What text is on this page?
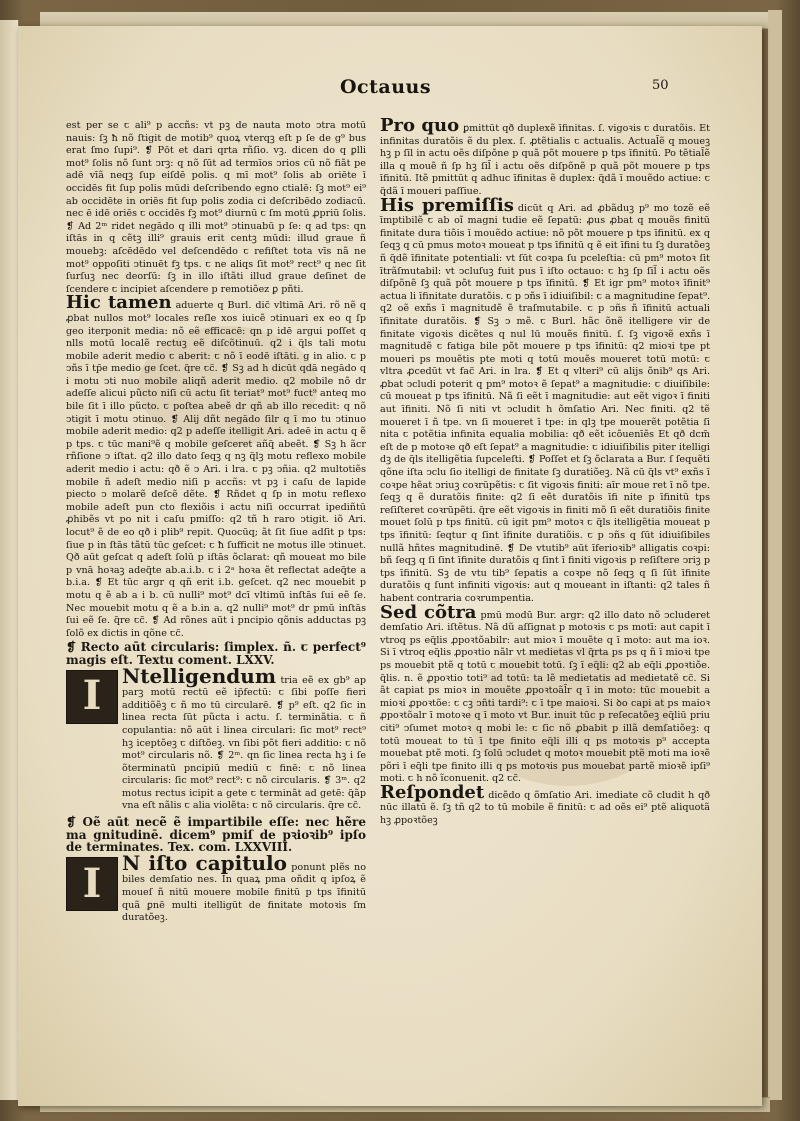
Octauus	50

est per se ꞇ ali⁹ p accñs: vt pꝫ de nauta moto ↄtra motū nauis: ſꝫ ħ nõ ſtigit de motib⁹ quoꝝ vterqꝫ eſt p ſe de g⁹ bus erat ſmo ſupi⁹. ❡ Pōt et dari qrta rñſio. vꝫ. dicen do q ꝑlli mot⁹ ſolis nõ ſunt ↄrꝫ: q nõ ſūt ad termīos ↄrios cū nõ fiãt pe adē vīã neqꝫ ſup eiſdē polis. q mī mot⁹ ſolis ab oriēte ī occidēs fit ſup polis mūdi deſcribendo egno ctialē: ſꝫ mot⁹ ei⁹ ab occidēte in oriēs fit ſup polis zodia ci deſcribēdo zodiacū. nec ē idē oriēs ꞇ occidēs fꝫ mot⁹ diurnū ꞇ ſm motū ꝓpriū ſolis. ❡ Ad 2ᵐ ridet negādo q illi mot⁹ ↄtinuabū p ſe: q ad tps: qn iſtās in q cẽtꝫ illi⁹ grauis erit centꝫ mūdi: illud graue ñ mouebꝫ: aſcēdēdo vel deſcendēdo ꞇ refiſtet tota vīs nã ne mot⁹ oppoſiti ↄtinuēt fꝫ tps. ꞇ ne aliqs ſit mot⁹ rect⁹ q nec ſit ſurſuꝫ nec deorſū: ſꝫ in illo iſtãti illud graue deſinet de ſcendere ꞇ incipiet aſcendere p remotiõez ꝑ pñti.

Hic tamen aduerte q Burl. dic̃ vltimā Ari. rõ nẽ q ꝓbat nullos mot⁹ locales reſle xos iuicẽ ↄtinuari ex eo q ſp geo iterponit media: nõ eẽ efficacē: qn p idē argui poſſet q nlls motū localẽ rectuꝫ eẽ diſcõtinuū. q2 i q̃ls tali motu mobile aderit medio ꞇ aberit: ꞇ nõ ī eodē iſtāti. g in alio. ꞇ p ↄñs ī tp̃e medio ge ſcet. q̃re ꞇc̃. ❡ Sꝫ ad h dicūt qdā negādo q i motu ↄti nuo mobile aliqñ aderit medio. q2 mobile nõ dr adeſſe alicui pũcto niſi cū actu ſit teriat⁹ mot⁹ fuct⁹ anteq mo bile ſit ī illo pũcto. ꞇ poſtea abeẽ dr qñ ab illo recedit: q nõ ↄtigit ī motu ↄtinuo. ❡ Alij dñt negādo ſilr q ī mo tu ↄtinuo mobile aderit medio: q2 p adeſſe itelligit Ari. adeē in actu q ẽ p tps. ꞇ tūc mani⁹ẽ q mobile geſceret añq̃ abeẽt. ❡ Sꝫ h ãcr rñſione ↄ iſtat. q2 illo dato ſeqꝫ q nꝫ q̃lꝫ motu reflexo mobile aderit medio i actu: qð ẽ ↄ Ari. i lra. ꞇ pꝫ ↄñia. q2 multotiẽs mobile ñ adeſt medio niſi p accñs: vt pꝫ i caſu de lapide piecto ↄ molarẽ deſcẽ dẽte. ❡ Rñdet q ſp in motu reflexo mobile adeſt pun cto flexiõis i actu niſi occurrat ipediñtū ꝓhibẽs vt po nit i caſu pmiſſo: q2 tñ h raro ↄtigit. iõ Ari. locut⁹ ẽ de eo qð i plib⁹ repit. Quocūq; ãt ſit ſiue adſit p tps: ſiue p in ſtās tãtū tūc geſcet: ꞇ ħ ſufficit ne motus ille ↄtinuet. Qð aūt geſcat q adeſt ſolū p iſtās õclarat: qñ moueat mo bile p vnā hoꝛaꝫ adeq̃te ab.a.i.b. ꞇ i 2ᵃ hoꝛa ẽt reflectat adeq̃te a b.i.a. ❡ Et tūc argr q qñ erit i.b. geſcet. q2 nec mouebit p motu q ẽ ab a i b. cū nulli⁹ mot⁹ dcī vltimū inſtās ſui eẽ ſe. Nec mouebit motu q ẽ a b.in a. q2 nulli⁹ mot⁹ dr pmū inſtās ſui eẽ ſe. q̃re ꞇc̃. ❡ Ad rõnes aūt i pncipio qõnis adductas pꝫ ſolõ ex dictis in qõne ꞇc̃.

❡ Recto aūt circularis: ſimplex. ñ. ꞇ perfect⁹ magis eſt. Textu coment. LXXV.

I	Ntelligendum tria eẽ ex gb⁹ ap parꝫ motū rectū eẽ ip̃fectū: ꞇ ſibi poſſe fieri additiõẽꝫ ꞇ ñ mo tū circularē. ❡ p⁹ eſt. q2 ſic in linea recta ſūt pũcta i actu. ſ. terminãtia. ꞇ ñ copulantia: nõ aūt i linea circulari: ſic mot⁹ rect⁹ hꝫ iceptõeꝫ ꞇ diſtõeꝫ. vn ſibi põt fieri additio: ꞇ nõ mot⁹ circularis nõ. ❡ 2ᵐ. qn ſic linea recta hꝫ i ſe õterminatū pncipiū mediū ꞇ finē: ꞇ nõ linea circularis: ſic mot⁹ rect⁹: ꞇ nõ circularis. ❡ 3ᵐ. q2 motus rectus icipit a gete ꞇ terminãt ad getē: q̃ãp vna eſt nãlis ꞇ alia violẽta: ꞇ nõ circularis. q̃re ꞇc̃.

❡ Oẽ aūt necẽ ẽ impartibile eſſe: nec hẽre ma gnitudinē. dicem⁹ pmiſ de pꝛioꝛib⁹ ipſo de terminates. Tex. com. LXXVIII.

I	N iſto capitulo ponunt plẽs no biles demſatio nes. In quaꝝ pma oñdit q ipſoꝝ ẽ moueſ ñ nitū mouere mobile finitū p tps īfinitū quã ꝑnē multi itelligūt de finitate motoꝛis ſm duratõeꝫ.

Pro quo ꝑmittūt qð duplexẽ īfinitas. ſ. vigoꝛis ꞇ duratõis. Et infinitas duratõis ẽ du plex. ſ. ꝓtẽtialis ꞇ actualis. Actual̃ẽ q moueꝫ hꝫ p ſīl in actu oẽs diſpõne p quã põt mouere p tps īfinitū. Po tẽtial̃ẽ illa q mouẽ ñ ſp hꝫ ſil̃ i actu oẽs diſpõnẽ p quã põt mouere p tps īfinitū. Itẽ pmittūt q adhuc īfinitas ẽ duplex: q̃dã ī mouẽdo actiue: ꞇ q̃dã ī moueri paſſiue.

His premiſſis dicūt q Ari. ad ꝓbãduꝫ p⁹ mo tozẽ eẽ īmptibilẽ ꞇ ab oĩ magni tudie eẽ ſepatū: ꝓus ꝓbat q mouẽs finitū finitate dura tiõis ī mouẽdo actiue: nõ põt mouere p tps īfinitū. ex q ſeqꝫ q cū pmus motoꝛ moueat p tps īfinitū q ẽ eit īfini tu ſꝫ duratõeꝫ ñ q̃dẽ īfinitate potentiali: vt ſūt coꝛpa ſu pceleſtia: cū pm⁹ motoꝛ ſit ītrãſmutabil: vt ↄcluſuꝫ fuit pus ī iſto octauo: ꞇ hꝫ ſp ſil̃ i actu oẽs diſpõnẽ ſꝫ quã põt mouere p tps īfinitū. ❡ Et igr pm⁹ motoꝛ īfinit⁹ actua li īfinitate duratõis. ꞇ p ↄñs ī idiuiſibil: ꞇ a magnitudine ſepat⁹. q2 oẽ exñs ī magnitudẽ ẽ traſmutabile. ꞇ p ↄñs ñ īfinitū actuali īfinitate duratõis. ❡ Sꝫ ↄ mẽ. ꞇ Burl. hãc õnẽ itelligere vir de finitate vigoꝛis dicẽtes q nul lū mouẽs finitū. ſ. ſꝫ vigoꝛẽ exñs ī magnitudẽ ꞇ fatiga bile põt mouere p tps īfinitū: q2 mioꝛi tpe pt moueri ps mouẽtis pte moti q totū mouẽs moueret totū motū: ꞇ vltra ꝓcedūt vt fac̃ Ari. in lra. ❡ Et q vlteri⁹ cū alijs õnib⁹ qs Ari. ꝓbat ↄcludi poterit q pm⁹ motoꝛ ẽ ſepat⁹ a magnitudie: ꞇ diuiſibile: cū moueat p tps īfinitū. Nã ſi eẽt ī magnitudie: aut eẽt vigoꝛ ī finiti aut īfiniti. Nõ ſi niti vt ↄcludit h õmſatio Ari. Nec finiti. q2 tẽ moueret ī ñ tpe. vn ſi moueret ī tpe: in qlꝫ tpe mouerẽt potẽtia ſi nita ꞇ potẽtia infinita equalia mobilia: qð eẽt icõuenīẽs Et qð dcm̃ eſt de p motoꝛe qð eſt ſepat⁹ a magnitudie: ꞇ idiuiſibilis piter itelligi dꝫ de q̃ls itelligẽtia ſupceleſti. ❡ Poſſet et ſꝫ õclarata a Bur. ſ ſequẽti qõne iſta ↄclu ſio itelligi de finitate ſꝫ duratiõeꝫ. Nã cū q̃ls vt⁹ exñs ī coꝛpe hẽat ↄriuꝫ coꝛrūpẽtis: ꞇ ſit vigoꝛis finiti: aīr moue ret ī nõ tpe. ſeqꝫ q ẽ duratõis finite: q2 ſi eẽt duratõis īfi nite p īfinitū tps reſiſteret coꝛrūpẽti. q̃re eẽt vigoꝛis in finiti mõ ſi eẽt duratiõis finite mouet ſolū p tps finitū. cū igit pm⁹ motoꝛ ꞇ q̃ls itelligẽtia moueat p tps īfinitū: ſeqtur q ſint īfinite duratiõis. ꞇ p ↄñs q ſūt idiuiſibiles nullã hñtes magnitudinē. ❡ De vtutib⁹ aūt īferioꝛib⁹ alligatis coꝛpi: bñ ſeqꝫ q ſi ſint īfinite duratõis q ſint ī finiti vigoꝛis p reſiſtere ↄriꝫ p tps īfinitū. Sꝫ de vtu tib⁹ ſepatis a coꝛpe nõ ſeqꝫ q ſi ſūt īfinite duratõis q ſunt infiniti vigoꝛis: aut q moueant in iſtanti: q2 tales ñ habent contraria coꝛrumpentia.

Sed cõtra pmū modū Bur. argr: q2 illo dato nõ ↄcluderet demſatio Ari. iſtẽtus. Nã dũ aſſignat p motoꝛis ꞇ ps motī: aut capit ī vtroq ps eq̃lis ꝓpoꝛtõabilr: aut mioꝛ ī mouẽte q ī moto: aut ma ioꝛ. Si ī vtroq eq̃lis ꝓpoꝛtio nãlr vt medietas vl q̃rta ps ps q ñ ī mioꝛi tpe ps mouebit ptẽ q totū ꞇ mouebit totū. ſꝫ ī eq̃li: q2 ab eq̃li ꝓpoꝛtiõe. q̃lis. n. ẽ ꝓpoꝛtio toti⁹ ad totū: ta lẽ medietatis ad medietatẽ ꞇc̃. Si ãt capiat ps mioꝛ in mouẽte ꝓpoꝛtoãl̃r q ī in moto: tūc mouebit a mioꝛi ꝓpoꝛtõe: ꞇ cꝫ ↄñti tardi⁹: ꞇ ī tpe maioꝛi. Si ꝺo capi at ps maioꝛ ꝓpoꝛtõalr ī motoꝛe q ī moto vt Bur. inuit tūc p reſecatõeꝫ eq̃liū priu citi⁹ ↄſumet motoꝛ q mobi le: ꞇ ſic nõ ꝓbabit p illã demſatiõeꝫ: q totū moueat to tū ī tpe finito eq̃li illi q ps motoꝛis p⁹ accepta mouebat ptẽ moti. ſꝫ ſolū ↄcludet q motoꝛ mouebit ptẽ moti ma ioꝛẽ põri ī eq̃li tpe finito illi q ps motoꝛis pus mouebat partẽ mioꝛẽ ipſi⁹ moti. ꞇ h nõ ĩconuenit. q2 ꞇc̃.

Reſpondet dicẽdo q õmſatio Ari. imediate cõ cludit h qð nūc illatū ẽ. ſꝫ tñ q2 to tū mobile ẽ finitū: ꞇ ad oẽs ei⁹ ptẽ aliquotã hꝫ ꝓpoꝛtõeꝫ
